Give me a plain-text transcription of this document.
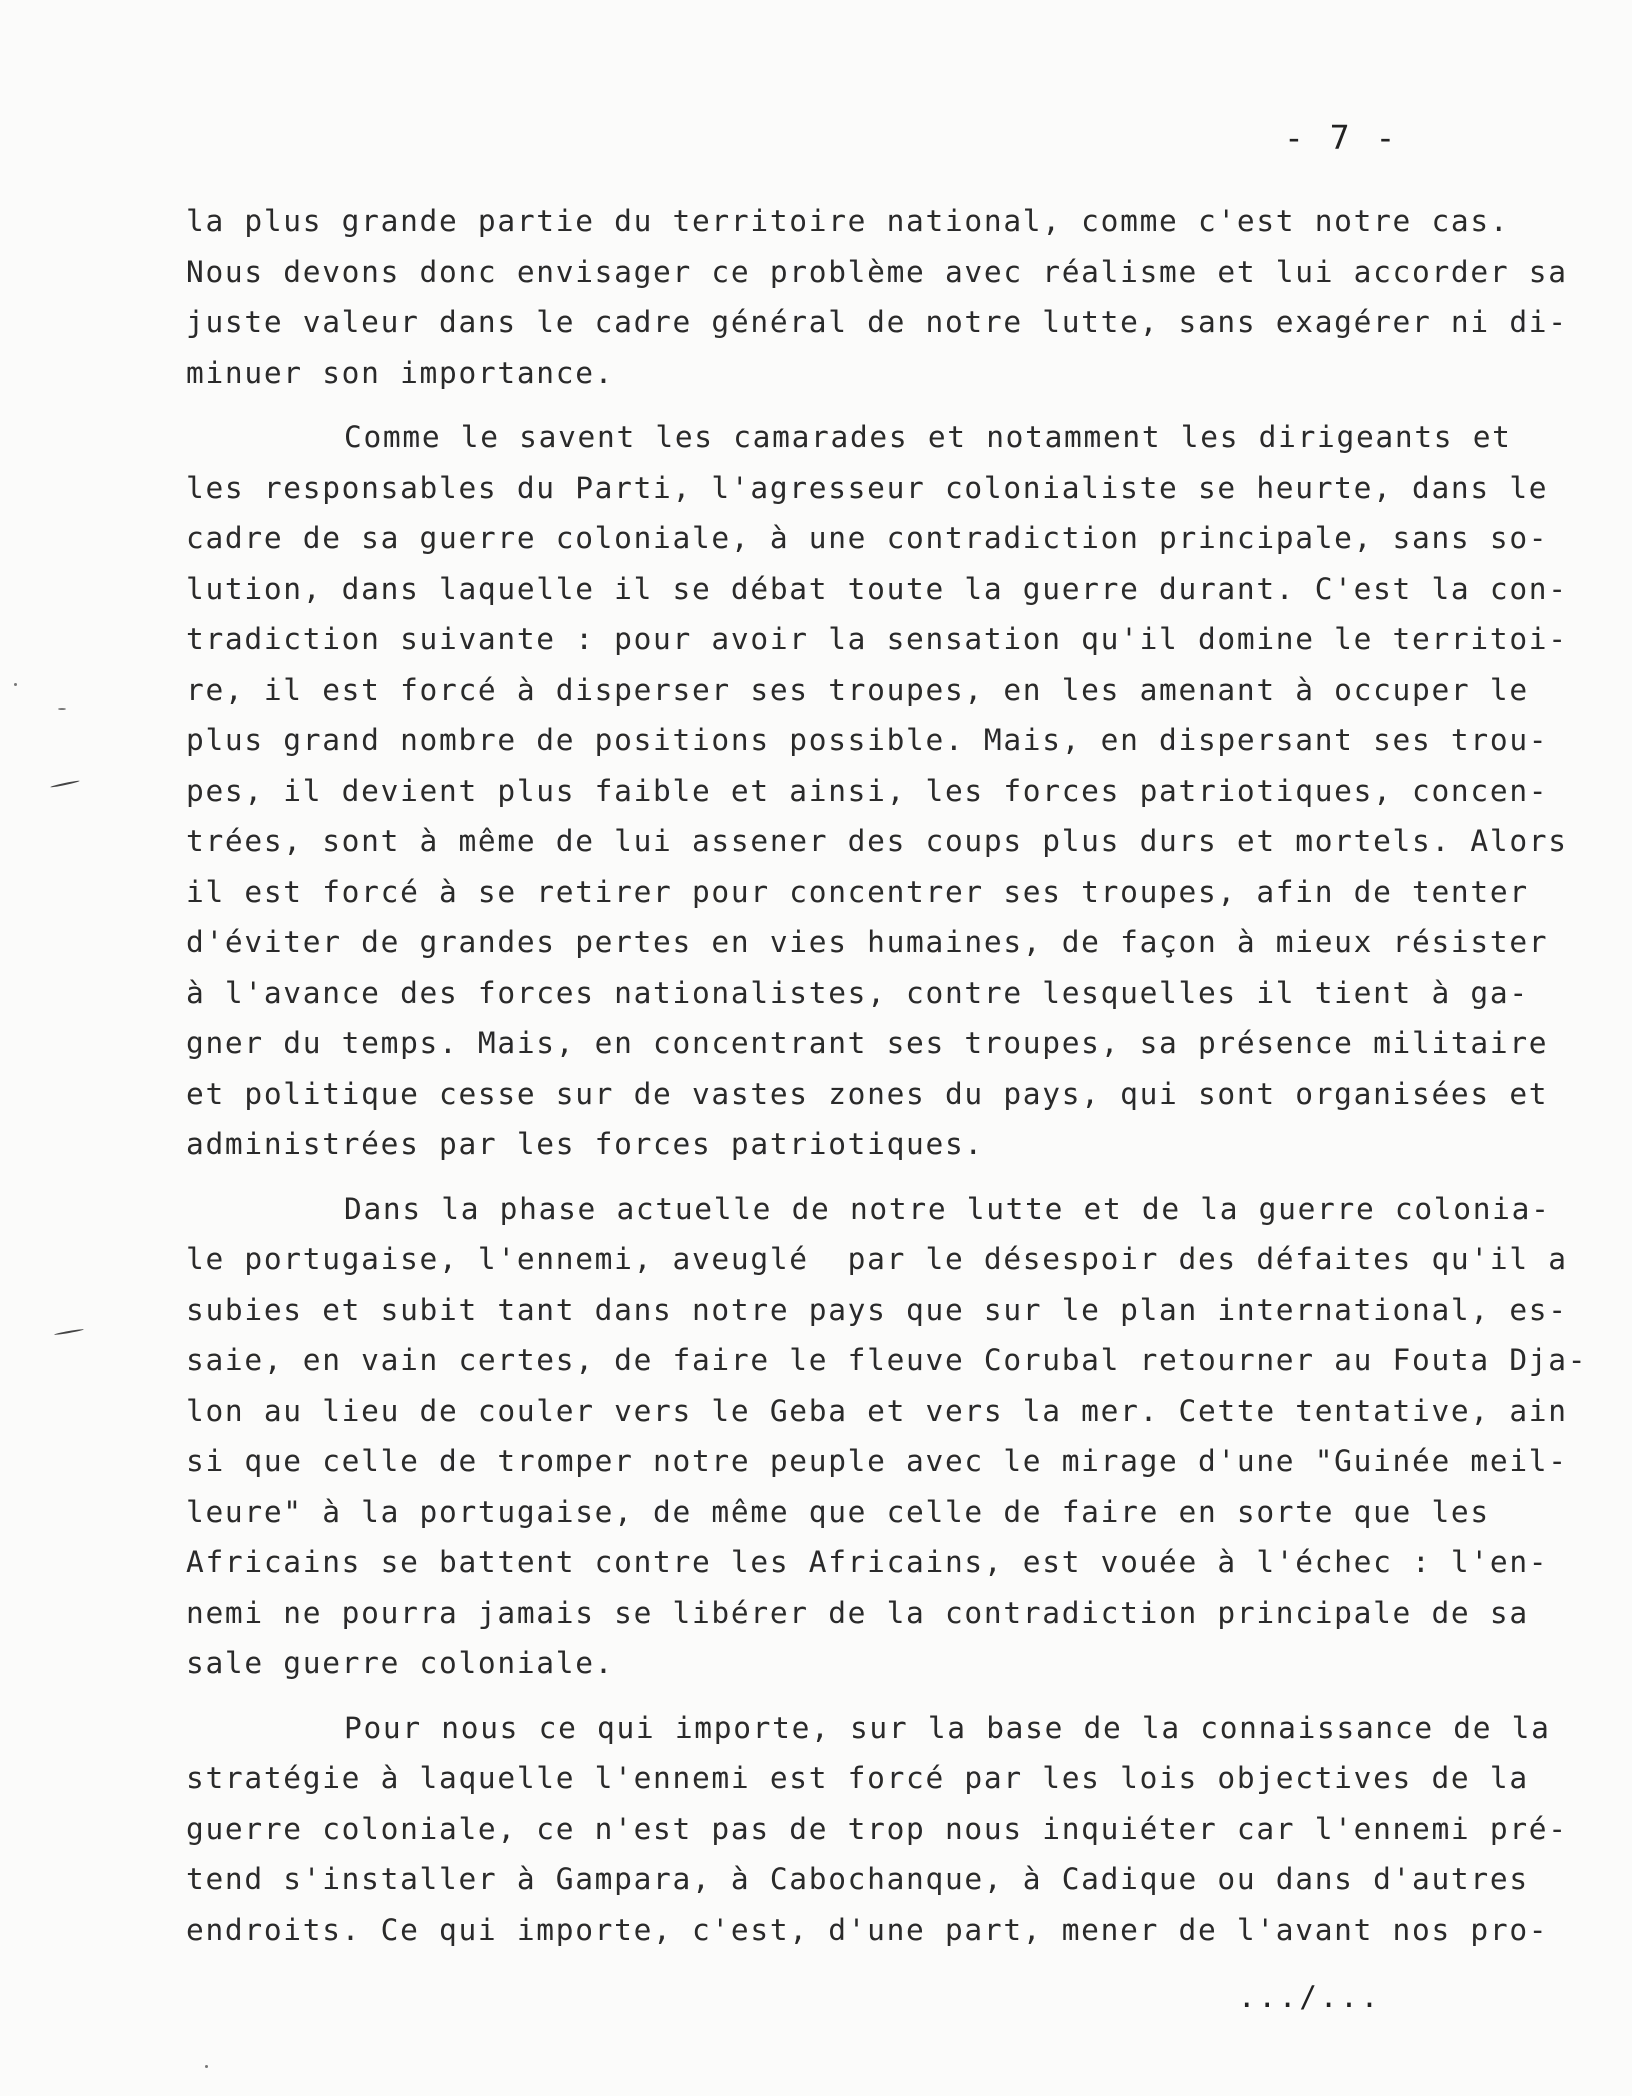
- 7 -
la plus grande partie du territoire national, comme c'est notre cas.
Nous devons donc envisager ce problème avec réalisme et lui accorder sa
juste valeur dans le cadre général de notre lutte, sans exagérer ni di-
minuer son importance.
Comme le savent les camarades et notamment les dirigeants et
les responsables du Parti, l'agresseur colonialiste se heurte, dans le
cadre de sa guerre coloniale, à une contradiction principale, sans so-
lution, dans laquelle il se débat toute la guerre durant. C'est la con-
tradiction suivante : pour avoir la sensation qu'il domine le territoi-
re, il est forcé à disperser ses troupes, en les amenant à occuper le
plus grand nombre de positions possible. Mais, en dispersant ses trou-
pes, il devient plus faible et ainsi, les forces patriotiques, concen-
trées, sont à même de lui assener des coups plus durs et mortels. Alors
il est forcé à se retirer pour concentrer ses troupes, afin de tenter
d'éviter de grandes pertes en vies humaines, de façon à mieux résister
à l'avance des forces nationalistes, contre lesquelles il tient à ga-
gner du temps. Mais, en concentrant ses troupes, sa présence militaire
et politique cesse sur de vastes zones du pays, qui sont organisées et
administrées par les forces patriotiques.
Dans la phase actuelle de notre lutte et de la guerre colonia-
le portugaise, l'ennemi, aveuglé  par le désespoir des défaites qu'il a
subies et subit tant dans notre pays que sur le plan international, es-
saie, en vain certes, de faire le fleuve Corubal retourner au Fouta Dja-
lon au lieu de couler vers le Geba et vers la mer. Cette tentative, ain
si que celle de tromper notre peuple avec le mirage d'une "Guinée meil-
leure" à la portugaise, de même que celle de faire en sorte que les
Africains se battent contre les Africains, est vouée à l'échec : l'en-
nemi ne pourra jamais se libérer de la contradiction principale de sa
sale guerre coloniale.
Pour nous ce qui importe, sur la base de la connaissance de la
stratégie à laquelle l'ennemi est forcé par les lois objectives de la
guerre coloniale, ce n'est pas de trop nous inquiéter car l'ennemi pré-
tend s'installer à Gampara, à Cabochanque, à Cadique ou dans d'autres
endroits. Ce qui importe, c'est, d'une part, mener de l'avant nos pro-
.../...
